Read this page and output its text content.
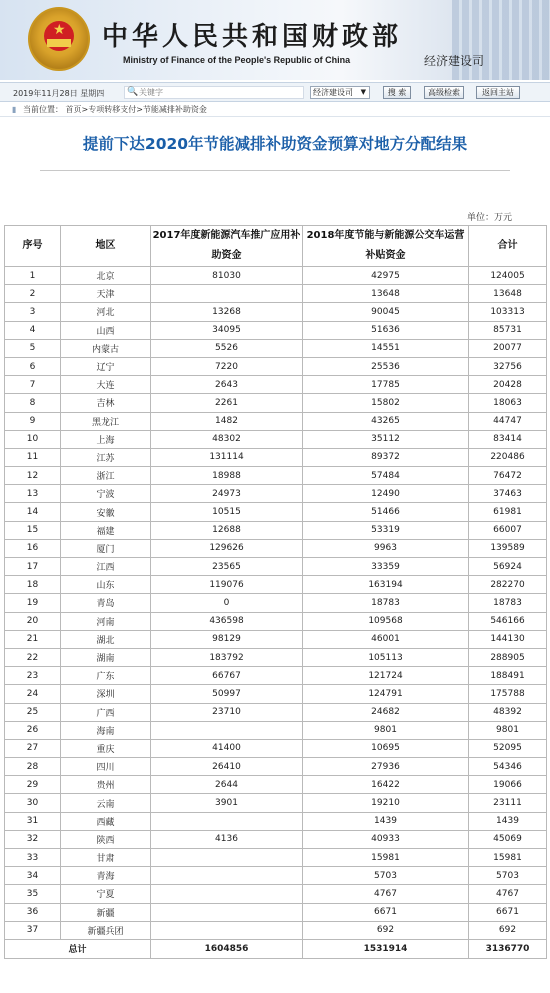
★ 中华人民共和国财政部
Ministry of Finance of the People's Republic of China	经济建设司
2019年11月28日 星期四	🔍
关键字	经济建设司 ▼	搜 索	高级检索	返回主站
▮ 当前位置： 首页>专项转移支付>节能减排补助资金
提前下达2020年节能减排补助资金预算对地方分配结果
单位：万元
序号	地区	2017年度新能源汽车推广应用补助资金	2018年度节能与新能源公交车运营补贴资金	合计
1	北京	81030	42975	124005
2	天津		13648	13648
3	河北	13268	90045	103313
4	山西	34095	51636	85731
5	内蒙古	5526	14551	20077
6	辽宁	7220	25536	32756
7	大连	2643	17785	20428
8	吉林	2261	15802	18063
9	黑龙江	1482	43265	44747
10	上海	48302	35112	83414
11	江苏	131114	89372	220486
12	浙江	18988	57484	76472
13	宁波	24973	12490	37463
14	安徽	10515	51466	61981
15	福建	12688	53319	66007
16	厦门	129626	9963	139589
17	江西	23565	33359	56924
18	山东	119076	163194	282270
19	青岛	0	18783	18783
20	河南	436598	109568	546166
21	湖北	98129	46001	144130
22	湖南	183792	105113	288905
23	广东	66767	121724	188491
24	深圳	50997	124791	175788
25	广西	23710	24682	48392
26	海南		9801	9801
27	重庆	41400	10695	52095
28	四川	26410	27936	54346
29	贵州	2644	16422	19066
30	云南	3901	19210	23111
31	西藏		1439	1439
32	陕西	4136	40933	45069
33	甘肃		15981	15981
34	青海		5703	5703
35	宁夏		4767	4767
36	新疆		6671	6671
37	新疆兵团		692	692
总计		1604856	1531914	3136770
